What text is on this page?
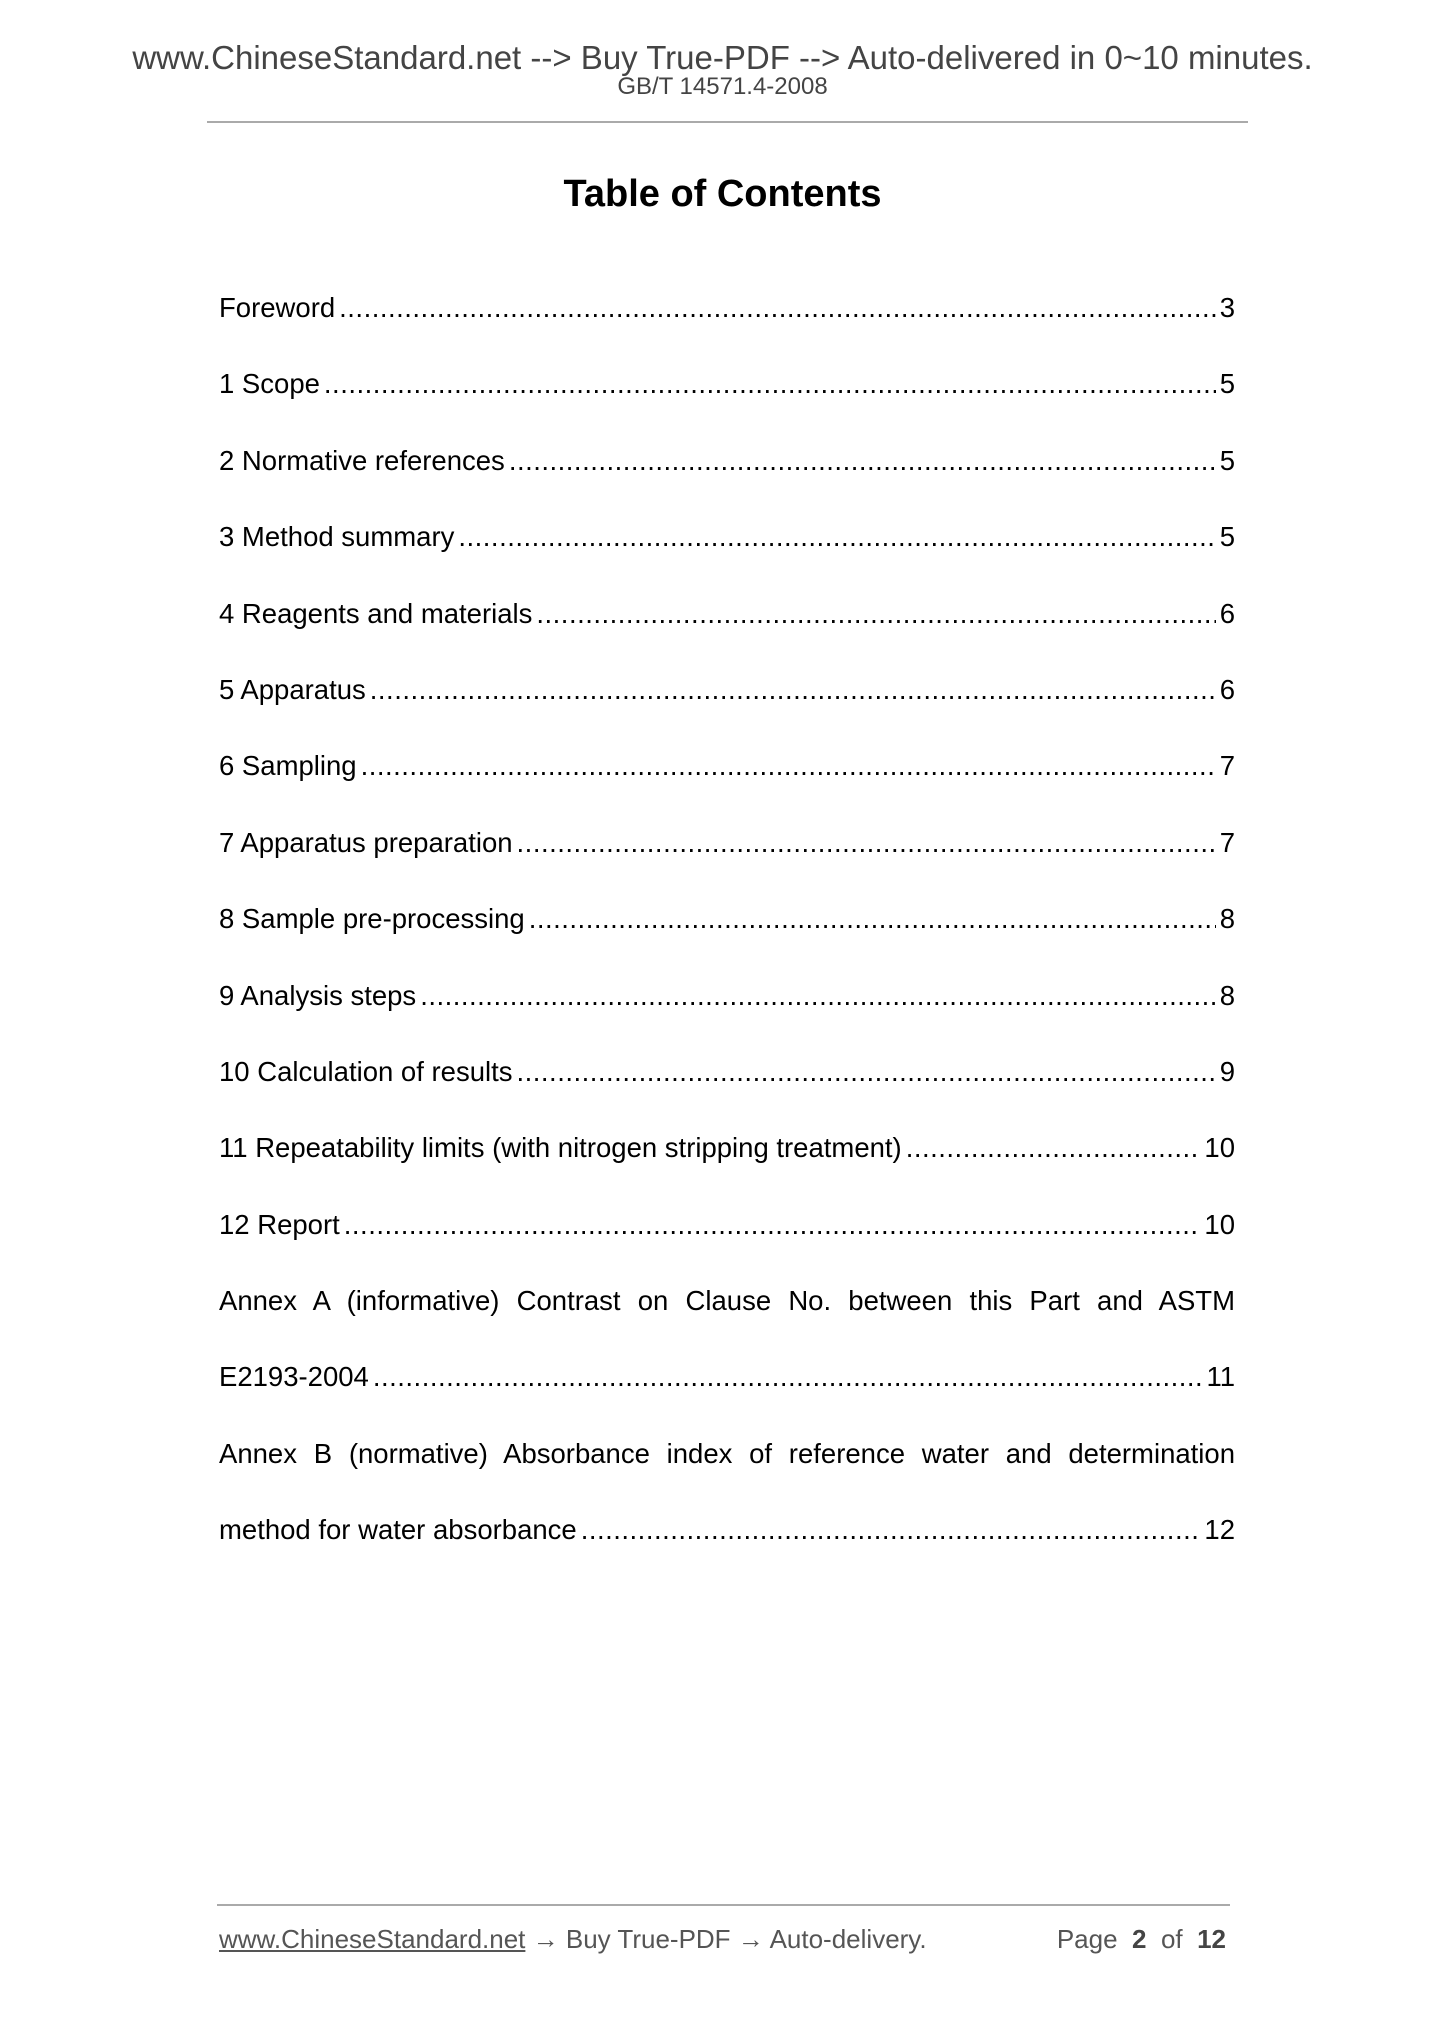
www.ChineseStandard.net --> Buy True-PDF --> Auto-delivered in 0~10 minutes.
GB/T 14571.4-2008
Table of Contents
Foreword .....	3
1 Scope .....	5
2 Normative references .....	5
3 Method summary .....	5
4 Reagents and materials .....	6
5 Apparatus .....	6
6 Sampling .....	7
7 Apparatus preparation .....	7
8 Sample pre-processing .....	8
9 Analysis steps .....	8
10 Calculation of results .....	9
11 Repeatability limits (with nitrogen stripping treatment) .....	10
12 Report .....	10
Annex A (informative) Contrast on Clause No. between this Part and ASTM
E2193-2004 .....	11
Annex B (normative) Absorbance index of reference water and determination
method for water absorbance .....	12
www.ChineseStandard.net → Buy True-PDF → Auto-delivery.	Page 2 of 12
